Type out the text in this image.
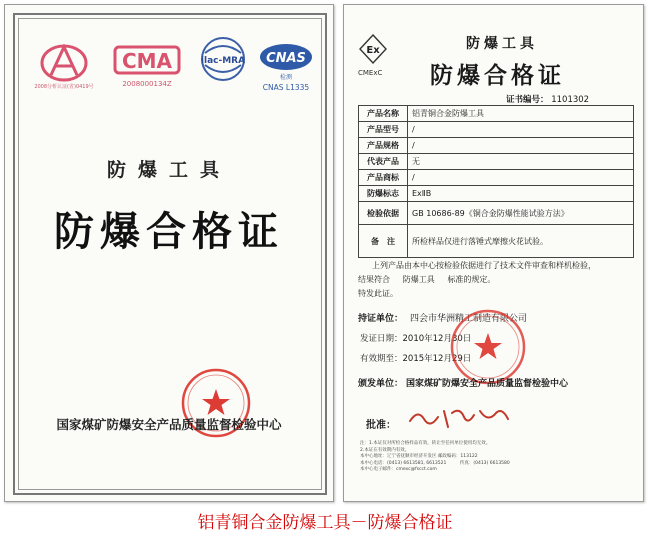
2008分析认证(省)0419号
CMA
2008000134Z
ilac-MRA CNAS
检测
CNAS L1335
防爆工具
防爆合格证
国家煤矿防爆安全产品质量监督检验中心
Ex
CMExC
防爆工具
防爆合格证
证书编号： 1101302
产品名称	铝青铜合金防爆工具
产品型号	/
产品规格	/
代表产品	无
产品商标	/
防爆标志	ExⅡB
检验依据	GB 10686-89《铜合金防爆性能试验方法》
备　注	所检样品仅进行落锤式摩擦火花试验。
上列产品由本中心按检验依据进行了技术文件审查和样机检验，
结果符合 防爆工具 标准的规定。
特发此证。
持证单位： 四会市华洲精工制造有限公司
发证日期：2010年12月30日
有效期至：2015年12月29日
颁发单位： 国家煤矿防爆安全产品质量监督检验中心
批准：
注：1.本证仅对所检合格样品有效，转让至任何单位使用均无效。
2.本证在有效期内有效。
本中心地址：辽宁省抚顺市经济开发区 邮政编码：113122
本中心电话：(0413) 6613581, 6613521　　　传真：(0413) 6613580
本中心电子邮件：cmexc@fscct.com
铝青铜合金防爆工具－防爆合格证
